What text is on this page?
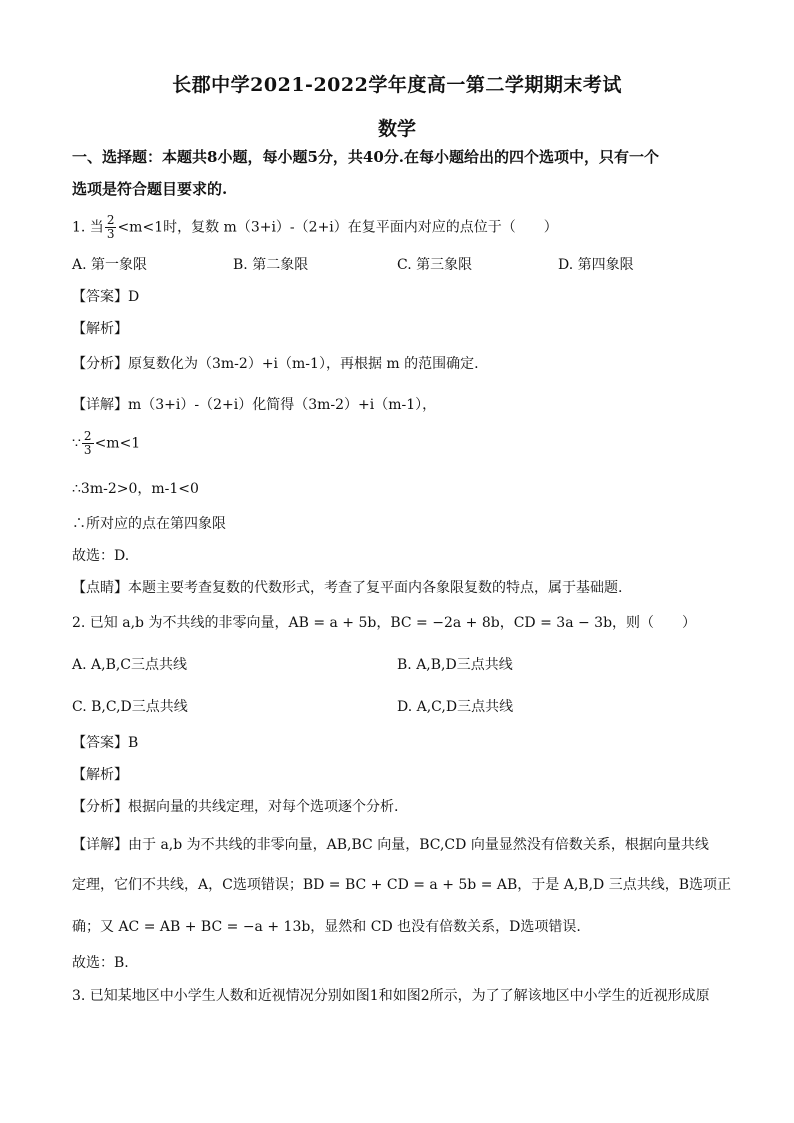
长郡中学2021-2022学年度高一第二学期期末考试
数学
一、选择题：本题共8小题，每小题5分，共40分.在每小题给出的四个选项中，只有一个
选项是符合题目要求的.
1. 当 $\frac{2}{3} <m<1$时，复数 m（3+i）-（2+i）在复平面内对应的点位于（　　）
A. 第一象限	B. 第二象限	C. 第三象限	D. 第四象限
【答案】D
【解析】
【分析】原复数化为（3m-2）+i（m-1），再根据 m 的范围确定.
【详解】m（3+i）-（2+i）化简得（3m-2）+i（m-1），
∵ $\frac{2}{3} <m<1$
∴3m-2>0，m-1<0
∴所对应的点在第四象限
故选：D.
【点睛】本题主要考查复数的代数形式，考查了复平面内各象限复数的特点，属于基础题.
2. 已知 a,b 为不共线的非零向量，AB = a + 5b，BC = −2a + 8b，CD = 3a − 3b，则（　　）
A. A,B,C三点共线	B. A,B,D三点共线
C. B,C,D三点共线	D. A,C,D三点共线
【答案】B
【解析】
【分析】根据向量的共线定理，对每个选项逐个分析.
【详解】由于 a,b 为不共线的非零向量，AB,BC 向量，BC,CD 向量显然没有倍数关系，根据向量共线
定理，它们不共线，A，C选项错误；BD = BC + CD = a + 5b = AB，于是 A,B,D 三点共线，B选项正
确；又 AC = AB + BC = −a + 13b，显然和 CD 也没有倍数关系，D选项错误.
故选：B.
3. 已知某地区中小学生人数和近视情况分别如图1和如图2所示，为了了解该地区中小学生的近视形成原
